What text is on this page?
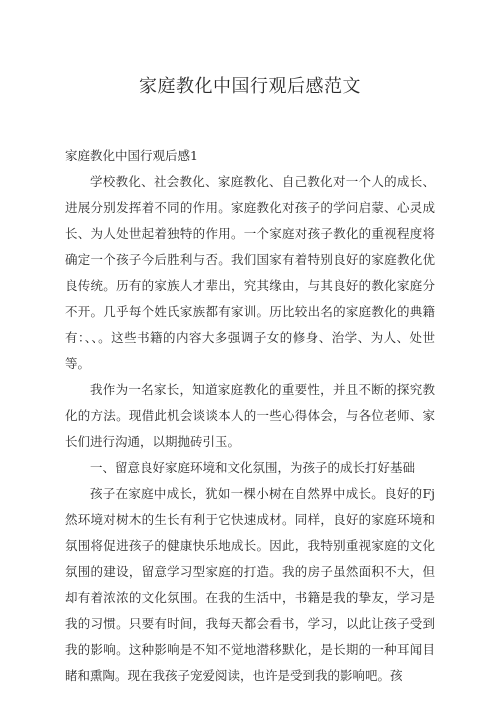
家庭教化中国行观后感范文

家庭教化中国行观后感1

学校教化、社会教化、家庭教化、自己教化对一个人的成长、进展分别发挥着不同的作用。家庭教化对孩子的学问启蒙、心灵成长、为人处世起着独特的作用。一个家庭对孩子教化的重视程度将确定一个孩子今后胜利与否。我们国家有着特别良好的家庭教化优良传统。历有的家族人才辈出，究其缘由，与其良好的教化家庭分不开。几乎每个姓氏家族都有家训。历比较出名的家庭教化的典籍有：、、。这些书籍的内容大多强调子女的修身、治学、为人、处世等。

我作为一名家长，知道家庭教化的重要性，并且不断的探究教化的方法。现借此机会谈谈本人的一些心得体会，与各位老师、家长们进行沟通，以期抛砖引玉。

一、留意良好家庭环境和文化氛围，为孩子的成长打好基础

孩子在家庭中成长，犹如一棵小树在自然界中成长。良好的Fj然环境对树木的生长有利于它快速成材。同样，良好的家庭环境和氛围将促进孩子的健康快乐地成长。因此，我特别重视家庭的文化氛围的建设，留意学习型家庭的打造。我的房子虽然面积不大，但却有着浓浓的文化氛围。在我的生活中，书籍是我的挚友，学习是我的习惯。只要有时间，我每天都会看书，学习，以此让孩子受到我的影响。这种影响是不知不觉地潜移默化，是长期的一种耳闻目睹和熏陶。现在我孩子宠爱阅读，也许是受到我的影响吧。孩
